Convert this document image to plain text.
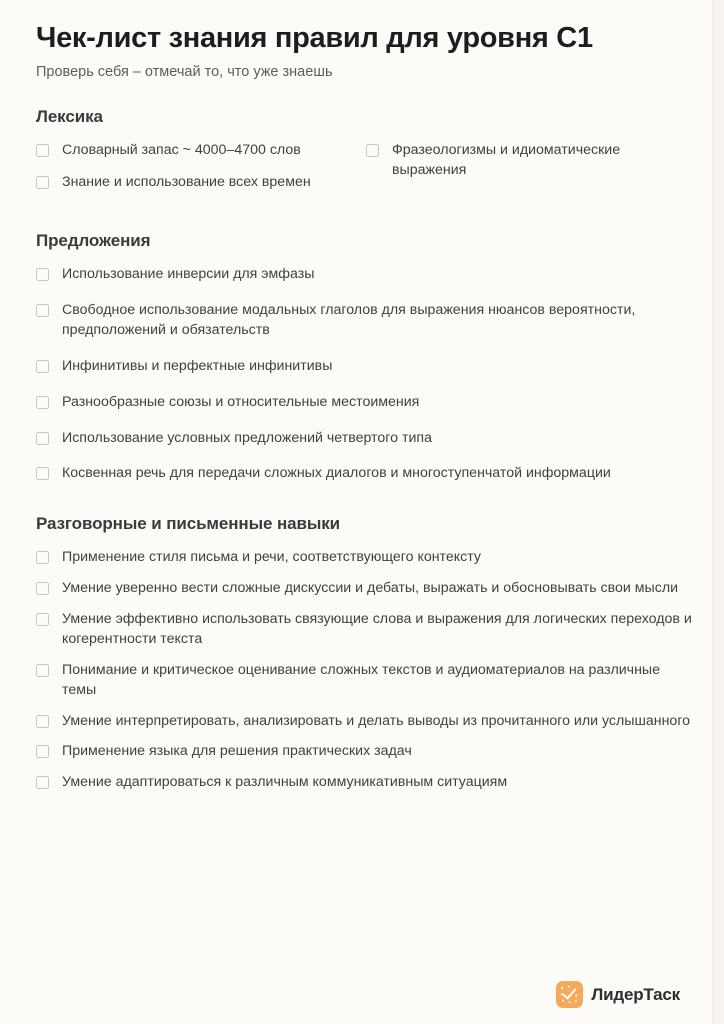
Чек-лист знания правил для уровня C1

Проверь себя – отмечай то, что уже знаешь

Лексика
Словарный запас ~ 4000–4700 слов
Знание и использование всех времен
Фразеологизмы и идиоматические выражения
Предложения
Использование инверсии для эмфазы
Свободное использование модальных глаголов для выражения нюансов вероятности, предположений и обязательств
Инфинитивы и перфектные инфинитивы
Разнообразные союзы и относительные местоимения
Использование условных предложений четвертого типа
Косвенная речь для передачи сложных диалогов и многоступенчатой информации
Разговорные и письменные навыки
Применение стиля письма и речи, соответствующего контексту
Умение уверенно вести сложные дискуссии и дебаты, выражать и обосновывать свои мысли
Умение эффективно использовать связующие слова и выражения для логических переходов и когерентности текста
Понимание и критическое оценивание сложных текстов и аудиоматериалов на различные темы
Умение интерпретировать, анализировать и делать выводы из прочитанного или услышанного
Применение языка для решения практических задач
Умение адаптироваться к различным коммуникативным ситуациям
ЛидерТаск
